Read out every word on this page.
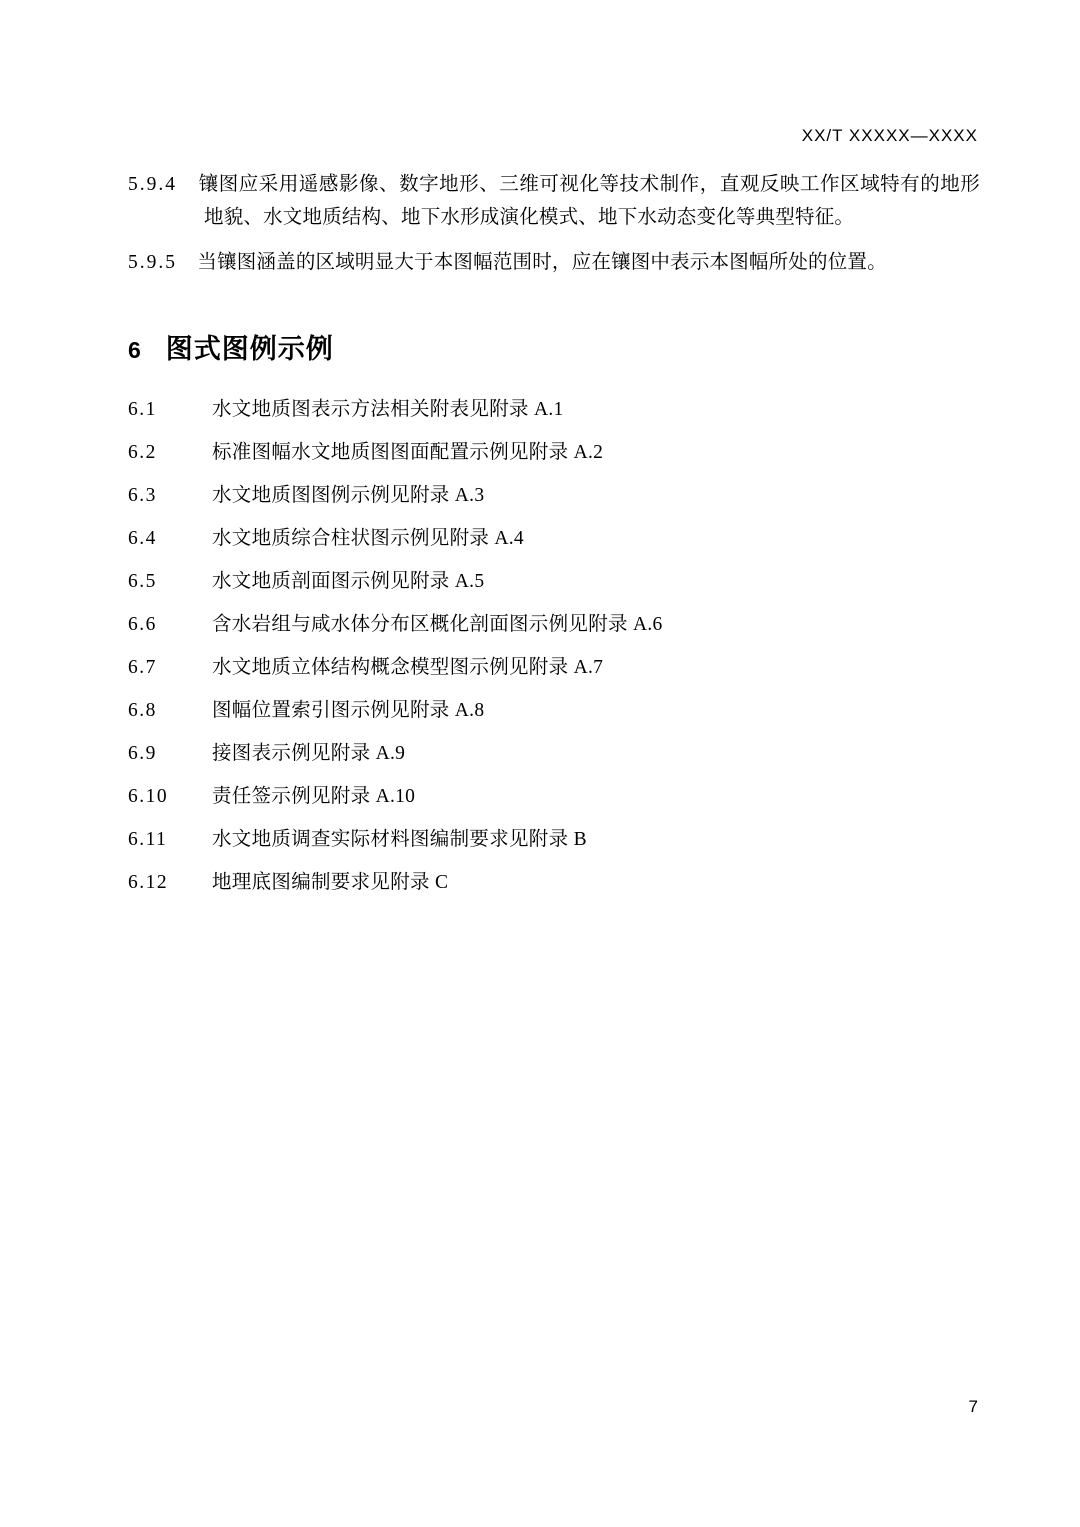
XX/T XXXXX—XXXX

5.9.4 镶图应采用遥感影像、数字地形、三维可视化等技术制作，直观反映工作区域特有的地形地貌、水文地质结构、地下水形成演化模式、地下水动态变化等典型特征。

5.9.5 当镶图涵盖的区域明显大于本图幅范围时，应在镶图中表示本图幅所处的位置。

6 图式图例示例
6.1	水文地质图表示方法相关附表见附录 A.1
6.2	标准图幅水文地质图图面配置示例见附录 A.2
6.3	水文地质图图例示例见附录 A.3
6.4	水文地质综合柱状图示例见附录 A.4
6.5	水文地质剖面图示例见附录 A.5
6.6	含水岩组与咸水体分布区概化剖面图示例见附录 A.6
6.7	水文地质立体结构概念模型图示例见附录 A.7
6.8	图幅位置索引图示例见附录 A.8
6.9	接图表示例见附录 A.9
6.10	责任签示例见附录 A.10
6.11	水文地质调查实际材料图编制要求见附录 B
6.12	地理底图编制要求见附录 C
7
